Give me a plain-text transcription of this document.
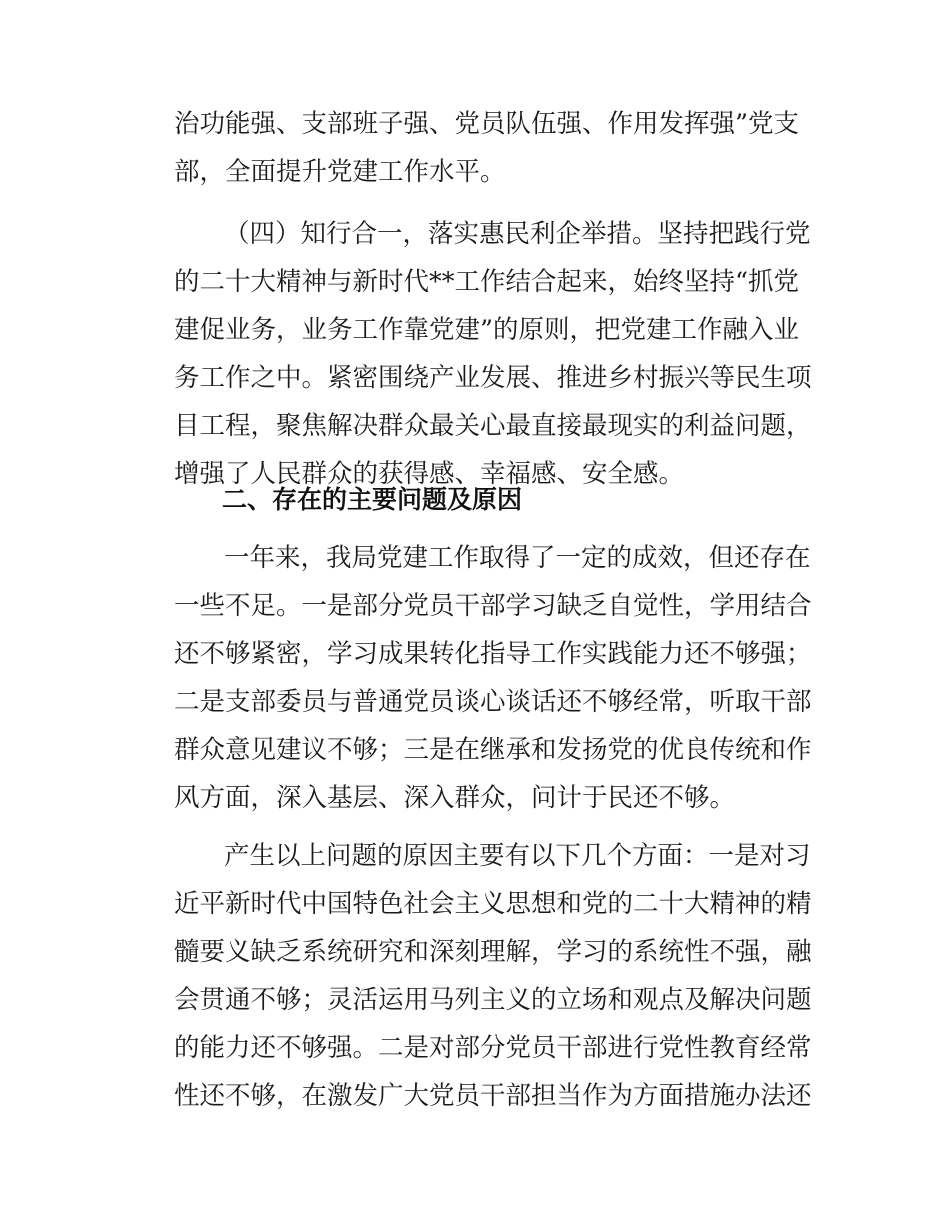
治功能强、支部班子强、党员队伍强、作用发挥强”党支
部，全面提升党建工作水平。
（四）知行合一，落实惠民利企举措。坚持把践行党
的二十大精神与新时代**工作结合起来，始终坚持“抓党
建促业务，业务工作靠党建”的原则，把党建工作融入业
务工作之中。紧密围绕产业发展、推进乡村振兴等民生项
目工程，聚焦解决群众最关心最直接最现实的利益问题，
增强了人民群众的获得感、幸福感、安全感。
二、存在的主要问题及原因
一年来，我局党建工作取得了一定的成效，但还存在
一些不足。一是部分党员干部学习缺乏自觉性，学用结合
还不够紧密，学习成果转化指导工作实践能力还不够强；
二是支部委员与普通党员谈心谈话还不够经常，听取干部
群众意见建议不够；三是在继承和发扬党的优良传统和作
风方面，深入基层、深入群众，问计于民还不够。
产生以上问题的原因主要有以下几个方面：一是对习
近平新时代中国特色社会主义思想和党的二十大精神的精
髓要义缺乏系统研究和深刻理解，学习的系统性不强，融
会贯通不够；灵活运用马列主义的立场和观点及解决问题
的能力还不够强。二是对部分党员干部进行党性教育经常
性还不够，在激发广大党员干部担当作为方面措施办法还
